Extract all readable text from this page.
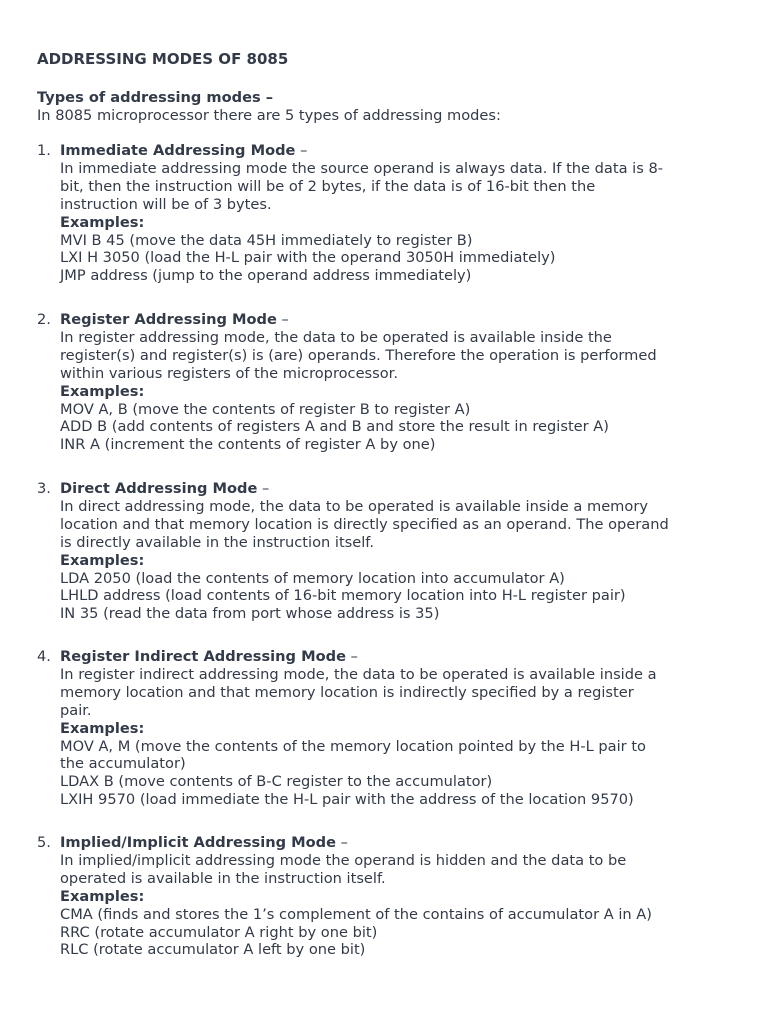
ADDRESSING MODES OF 8085
Types of addressing modes –
In 8085 microprocessor there are 5 types of addressing modes:
1. Immediate Addressing Mode –
In immediate addressing mode the source operand is always data. If the data is 8-
bit, then the instruction will be of 2 bytes, if the data is of 16-bit then the
instruction will be of 3 bytes.
Examples:
MVI B 45 (move the data 45H immediately to register B)
LXI H 3050 (load the H-L pair with the operand 3050H immediately)
JMP address (jump to the operand address immediately)
2. Register Addressing Mode –
In register addressing mode, the data to be operated is available inside the
register(s) and register(s) is (are) operands. Therefore the operation is performed
within various registers of the microprocessor.
Examples:
MOV A, B (move the contents of register B to register A)
ADD B (add contents of registers A and B and store the result in register A)
INR A (increment the contents of register A by one)
3. Direct Addressing Mode –
In direct addressing mode, the data to be operated is available inside a memory
location and that memory location is directly specified as an operand. The operand
is directly available in the instruction itself.
Examples:
LDA 2050 (load the contents of memory location into accumulator A)
LHLD address (load contents of 16-bit memory location into H-L register pair)
IN 35 (read the data from port whose address is 35)
4. Register Indirect Addressing Mode –
In register indirect addressing mode, the data to be operated is available inside a
memory location and that memory location is indirectly specified by a register
pair.
Examples:
MOV A, M (move the contents of the memory location pointed by the H-L pair to
the accumulator)
LDAX B (move contents of B-C register to the accumulator)
LXIH 9570 (load immediate the H-L pair with the address of the location 9570)
5. Implied/Implicit Addressing Mode –
In implied/implicit addressing mode the operand is hidden and the data to be
operated is available in the instruction itself.
Examples:
CMA (finds and stores the 1’s complement of the contains of accumulator A in A)
RRC (rotate accumulator A right by one bit)
RLC (rotate accumulator A left by one bit)
